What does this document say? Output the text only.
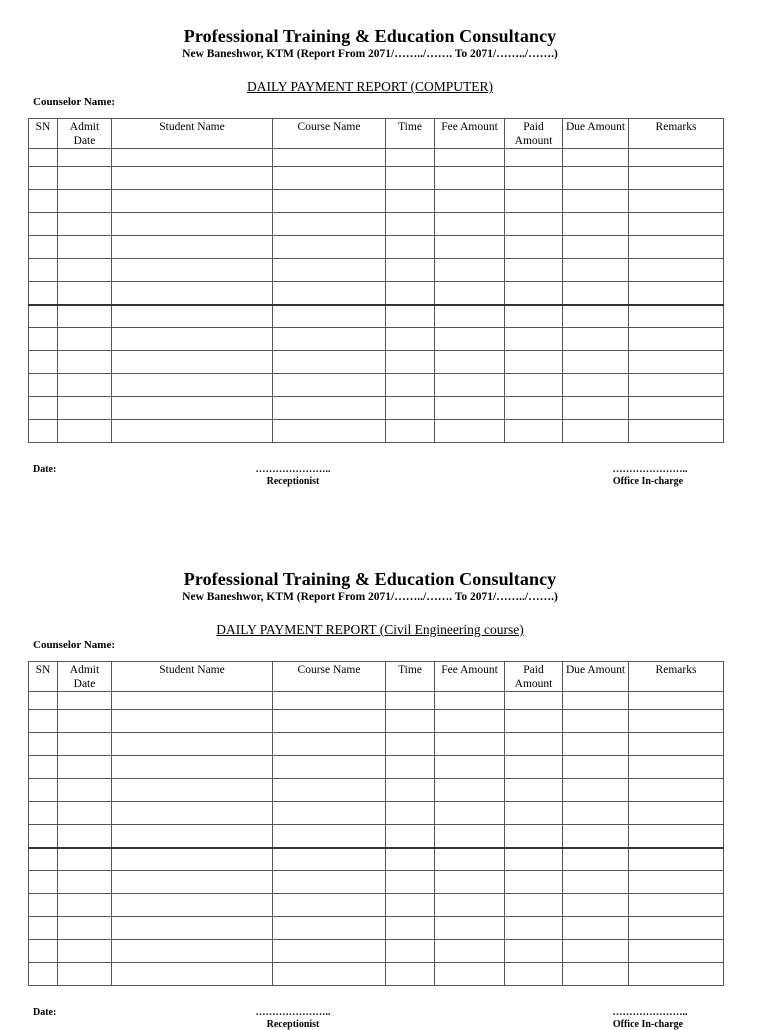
Professional Training & Education Consultancy
New Baneshwor, KTM (Report From 2071/……../……. To 2071/……../…….)
DAILY PAYMENT REPORT (COMPUTER)
Counselor Name:
SN	Admit Date	Student Name	Course Name	Time	Fee Amount	Paid Amount	Due Amount	Remarks

Date:	…………………..
Receptionist
…………………..
Office In-charge
Professional Training & Education Consultancy
New Baneshwor, KTM (Report From 2071/……../……. To 2071/……../…….)
DAILY PAYMENT REPORT (Civil Engineering course)
Counselor Name:
SN	Admit Date	Student Name	Course Name	Time	Fee Amount	Paid Amount	Due Amount	Remarks

Date:	…………………..
Receptionist
…………………..
Office In-charge
